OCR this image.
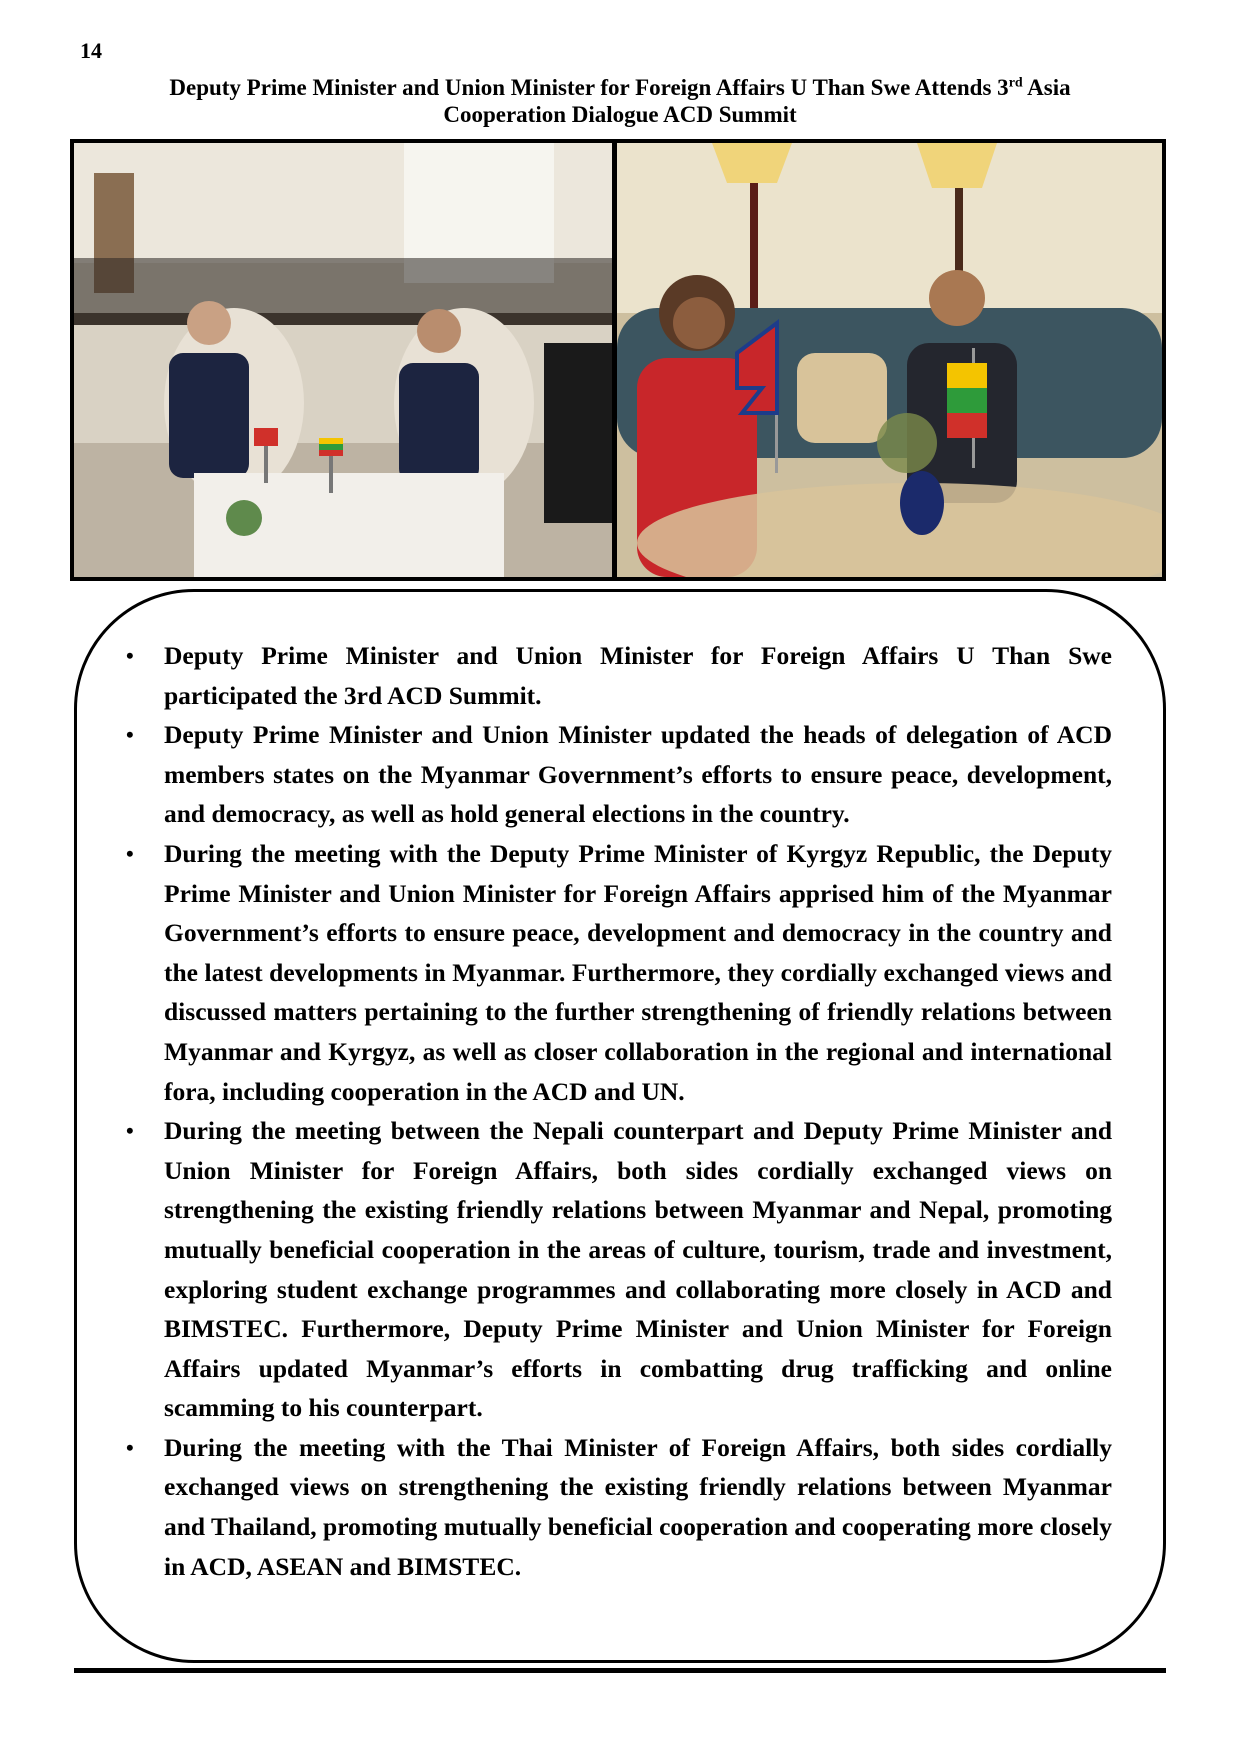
14
Deputy Prime Minister and Union Minister for Foreign Affairs U Than Swe Attends 3rd Asia
Cooperation Dialogue ACD Summit
• Deputy Prime Minister and Union Minister for Foreign Affairs U Than Swe participated the 3rd ACD Summit.
• Deputy Prime Minister and Union Minister updated the heads of delegation of ACD members states on the Myanmar Government’s efforts to ensure peace, development, and democracy, as well as hold general elections in the country.
• During the meeting with the Deputy Prime Minister of Kyrgyz Republic, the Deputy Prime Minister and Union Minister for Foreign Affairs apprised him of the Myanmar Government’s efforts to ensure peace, development and democracy in the country and the latest developments in Myanmar. Furthermore, they cordially exchanged views and discussed matters pertaining to the further strengthening of friendly relations between Myanmar and Kyrgyz, as well as closer collaboration in the regional and international fora, including cooperation in the ACD and UN.
• During the meeting between the Nepali counterpart and Deputy Prime Minister and Union Minister for Foreign Affairs, both sides cordially exchanged views on strengthening the existing friendly relations between Myanmar and Nepal, promoting mutually beneficial cooperation in the areas of culture, tourism, trade and investment, exploring student exchange programmes and collaborating more closely in ACD and BIMSTEC. Furthermore, Deputy Prime Minister and Union Minister for Foreign Affairs updated Myanmar’s efforts in combatting drug trafficking and online scamming to his counterpart.
• During the meeting with the Thai Minister of Foreign Affairs, both sides cordially exchanged views on strengthening the existing friendly relations between Myanmar and Thailand, promoting mutually beneficial cooperation and cooperating more closely in ACD, ASEAN and BIMSTEC.
